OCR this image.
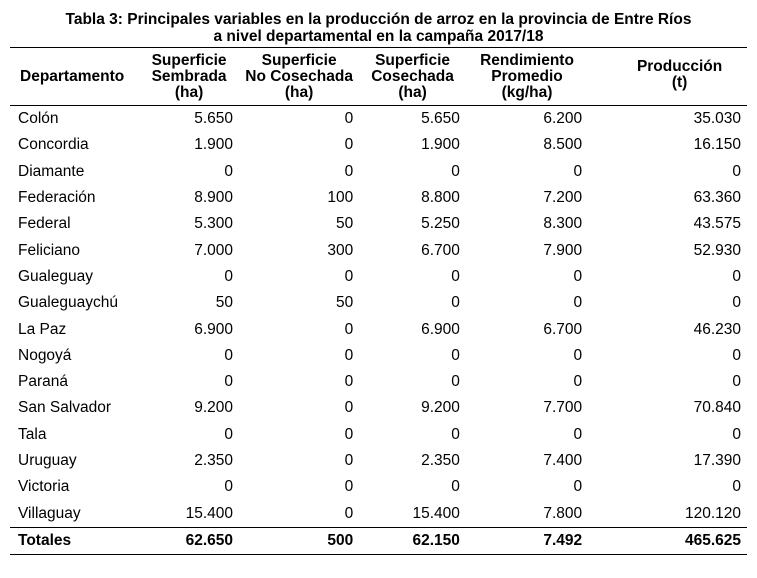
Tabla 3: Principales variables en la producción de arroz en la provincia de Entre Ríos
a nivel departamental en la campaña 2017/18
Departamento	Superficie
Sembrada
(ha)	Superficie
No Cosechada
(ha)	Superficie
Cosechada
(ha)	Rendimiento
Promedio
(kg/ha)	Producción
(t)

Colón	5.650	0	5.650	6.200	35.030
Concordia	1.900	0	1.900	8.500	16.150
Diamante	0	0	0	0	0
Federación	8.900	100	8.800	7.200	63.360
Federal	5.300	50	5.250	8.300	43.575
Feliciano	7.000	300	6.700	7.900	52.930
Gualeguay	0	0	0	0	0
Gualeguaychú	50	50	0	0	0
La Paz	6.900	0	6.900	6.700	46.230
Nogoyá	0	0	0	0	0
Paraná	0	0	0	0	0
San Salvador	9.200	0	9.200	7.700	70.840
Tala	0	0	0	0	0
Uruguay	2.350	0	2.350	7.400	17.390
Victoria	0	0	0	0	0
Villaguay	15.400	0	15.400	7.800	120.120
Totales	62.650	500	62.150	7.492	465.625
